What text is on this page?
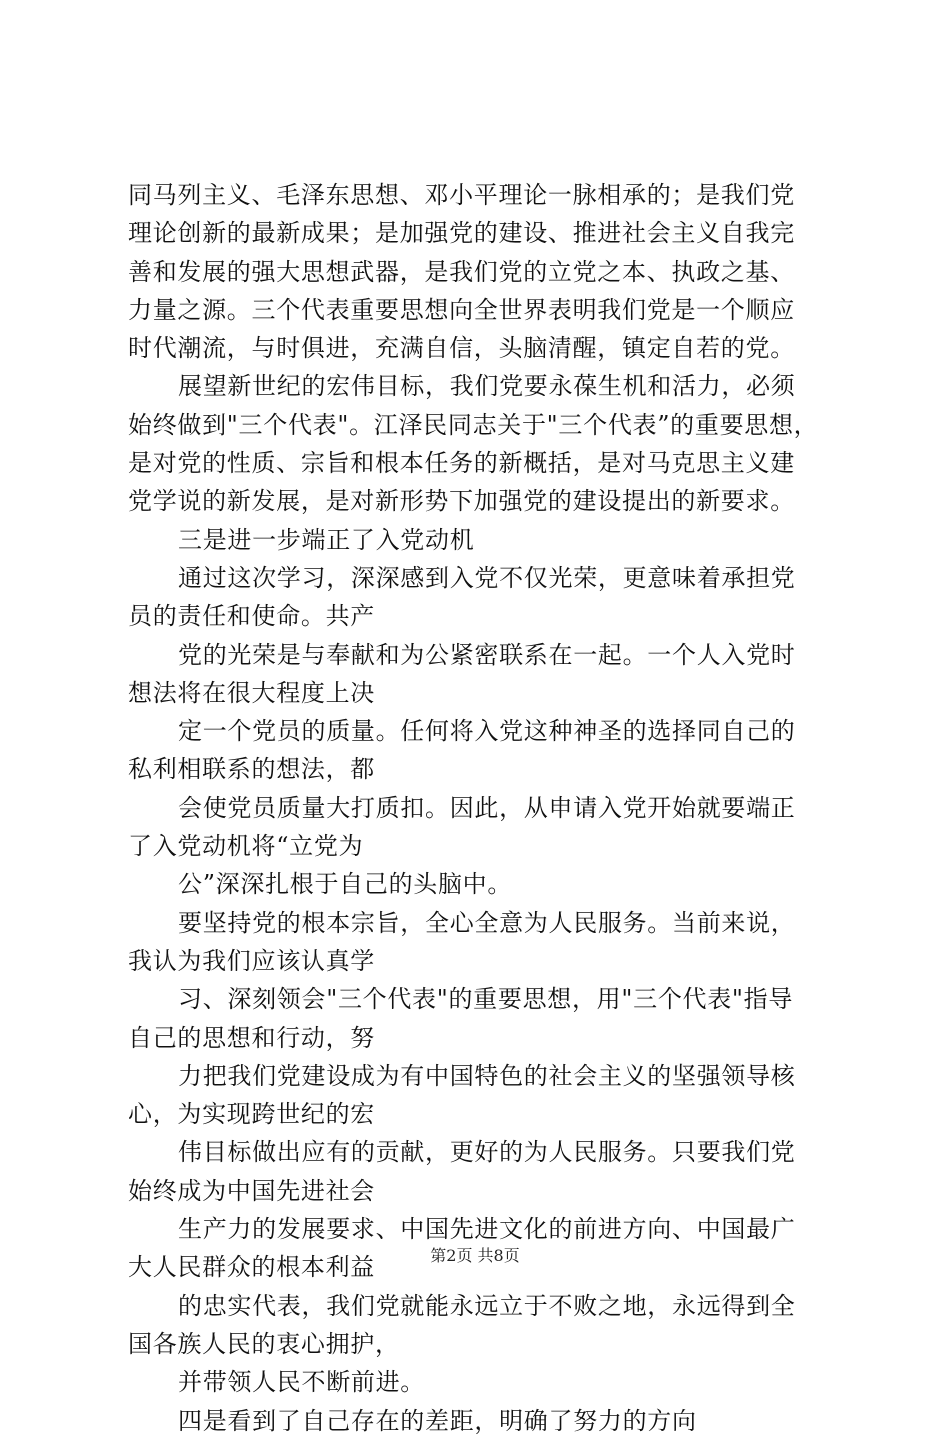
同马列主义、毛泽东思想、邓小平理论一脉相承的；是我们党
理论创新的最新成果；是加强党的建设、推进社会主义自我完
善和发展的强大思想武器，是我们党的立党之本、执政之基、
力量之源。三个代表重要思想向全世界表明我们党是一个顺应
时代潮流，与时俱进，充满自信，头脑清醒，镇定自若的党。
展望新世纪的宏伟目标，我们党要永葆生机和活力，必须
始终做到"三个代表"。江泽民同志关于"三个代表”的重要思想，
是对党的性质、宗旨和根本任务的新概括，是对马克思主义建
党学说的新发展，是对新形势下加强党的建设提出的新要求。
三是进一步端正了入党动机
通过这次学习，深深感到入党不仅光荣，更意味着承担党
员的责任和使命。共产
党的光荣是与奉献和为公紧密联系在一起。一个人入党时
想法将在很大程度上决
定一个党员的质量。任何将入党这种神圣的选择同自己的
私利相联系的想法，都
会使党员质量大打质扣。因此，从申请入党开始就要端正
了入党动机将“立党为
公”深深扎根于自己的头脑中。
要坚持党的根本宗旨，全心全意为人民服务。当前来说，
我认为我们应该认真学
习、深刻领会"三个代表"的重要思想，用"三个代表"指导
自己的思想和行动，努
力把我们党建设成为有中国特色的社会主义的坚强领导核
心，为实现跨世纪的宏
伟目标做出应有的贡献，更好的为人民服务。只要我们党
始终成为中国先进社会
生产力的发展要求、中国先进文化的前进方向、中国最广
大人民群众的根本利益
的忠实代表，我们党就能永远立于不败之地，永远得到全
国各族人民的衷心拥护，
并带领人民不断前进。
四是看到了自己存在的差距，明确了努力的方向
第2页 共8页
